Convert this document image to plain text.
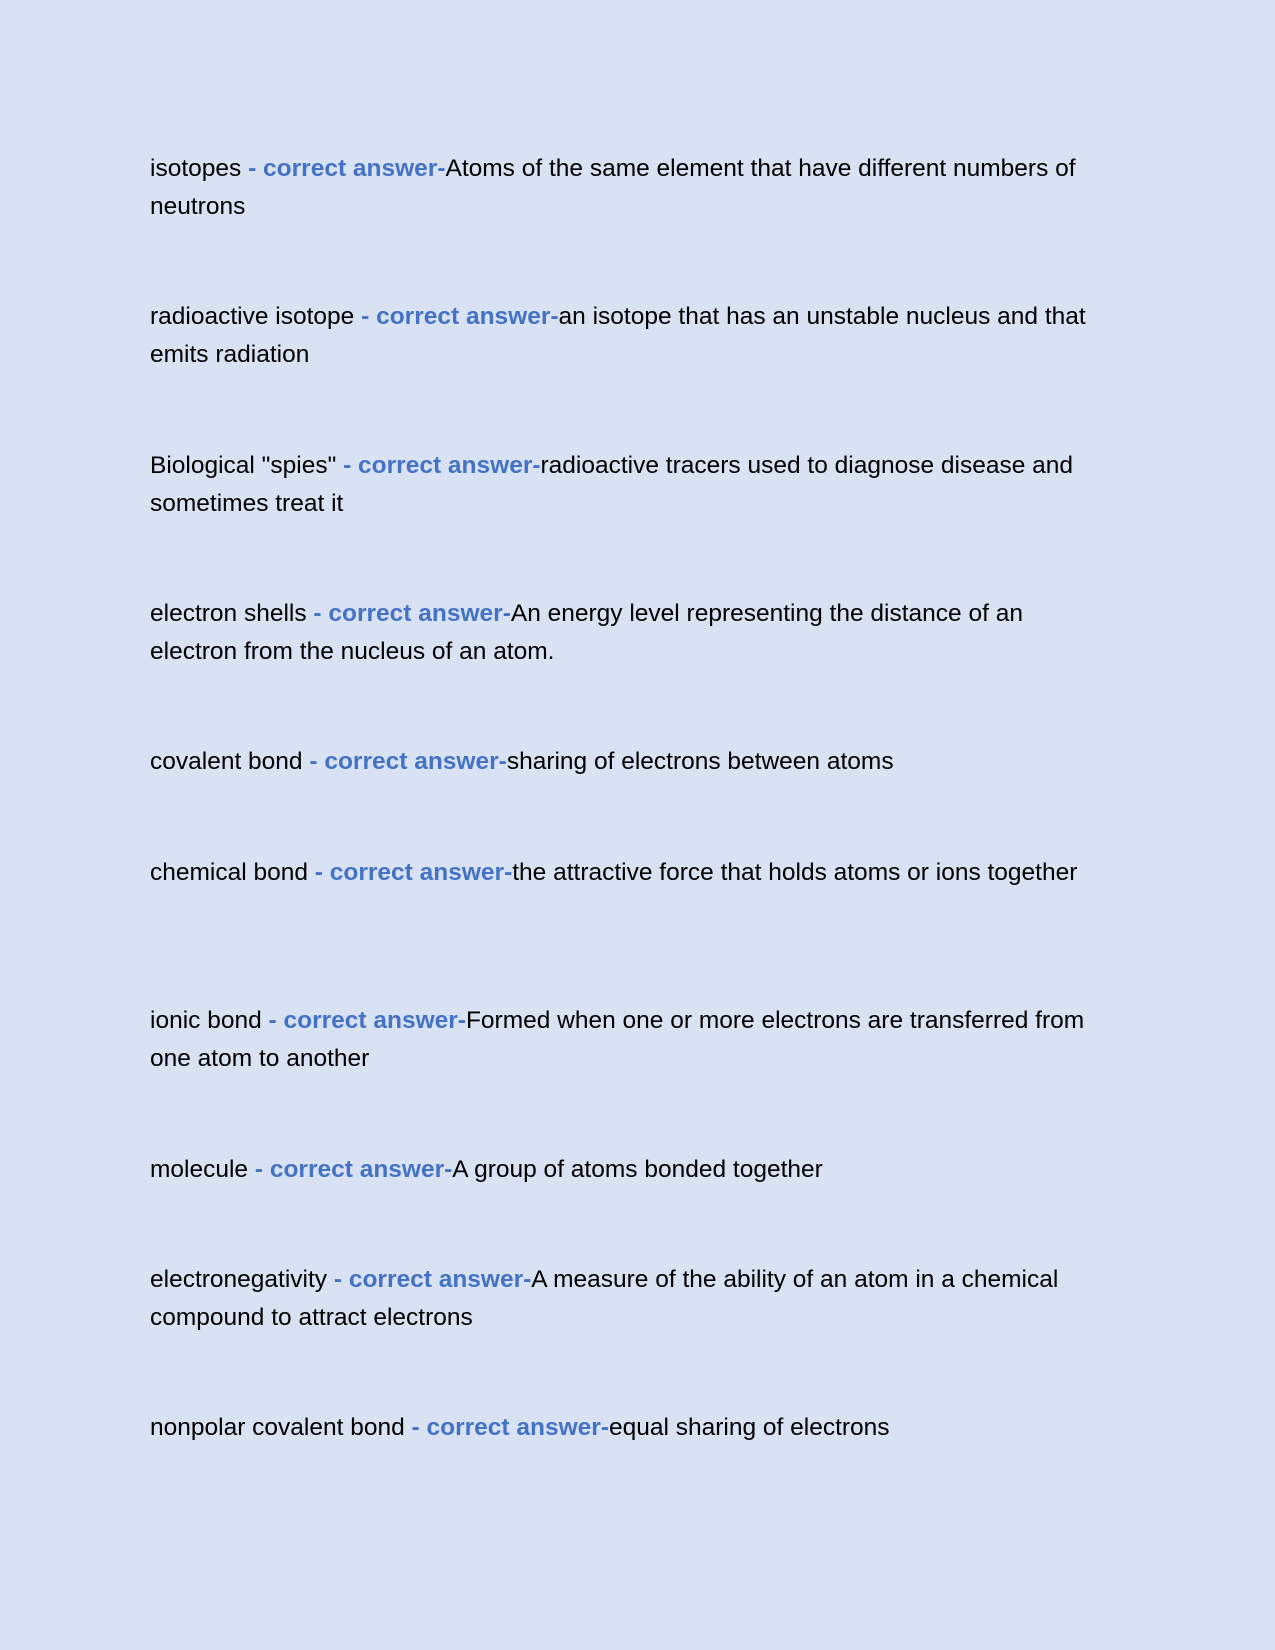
isotopes - correct answer-Atoms of the same element that have different numbers of neutrons
radioactive isotope - correct answer-an isotope that has an unstable nucleus and that emits radiation
Biological "spies" - correct answer-radioactive tracers used to diagnose disease and sometimes treat it
electron shells - correct answer-An energy level representing the distance of an electron from the nucleus of an atom.
covalent bond - correct answer-sharing of electrons between atoms
chemical bond - correct answer-the attractive force that holds atoms or ions together
ionic bond - correct answer-Formed when one or more electrons are transferred from one atom to another
molecule - correct answer-A group of atoms bonded together
electronegativity - correct answer-A measure of the ability of an atom in a chemical compound to attract electrons
nonpolar covalent bond - correct answer-equal sharing of electrons
